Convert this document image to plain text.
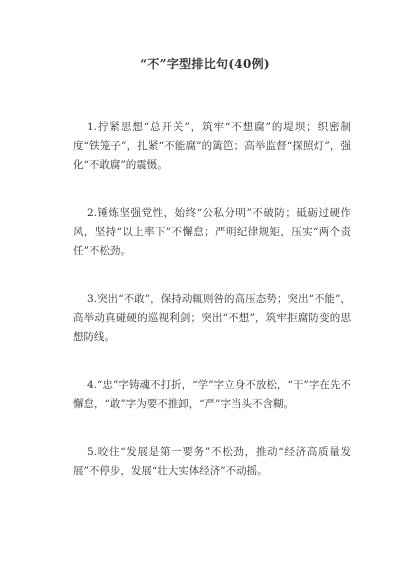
“不”字型排比句(40例)

1.拧紧思想“总开关”，筑牢“不想腐”的堤坝；织密制度“铁笼子”，扎紧“不能腐”的篱笆；高举监督“探照灯”，强化“不敢腐”的震慑。

2.锤炼坚强党性，始终“公私分明”不破防；砥砺过硬作风，坚持“以上率下”不懈怠；严明纪律规矩，压实“两个责任”不松劲。

3.突出“不敢”，保持动辄则咎的高压态势；突出“不能”，高举动真碰硬的巡视利剑；突出“不想”，筑牢拒腐防变的思想防线。

4.“忠”字铸魂不打折，“学”字立身不放松，“干”字在先不懈怠，“敢”字为要不推卸，“严”字当头不含糊。

5.咬住“发展是第一要务”不松劲，推动“经济高质量发展”不停步，发展“壮大实体经济”不动摇。
